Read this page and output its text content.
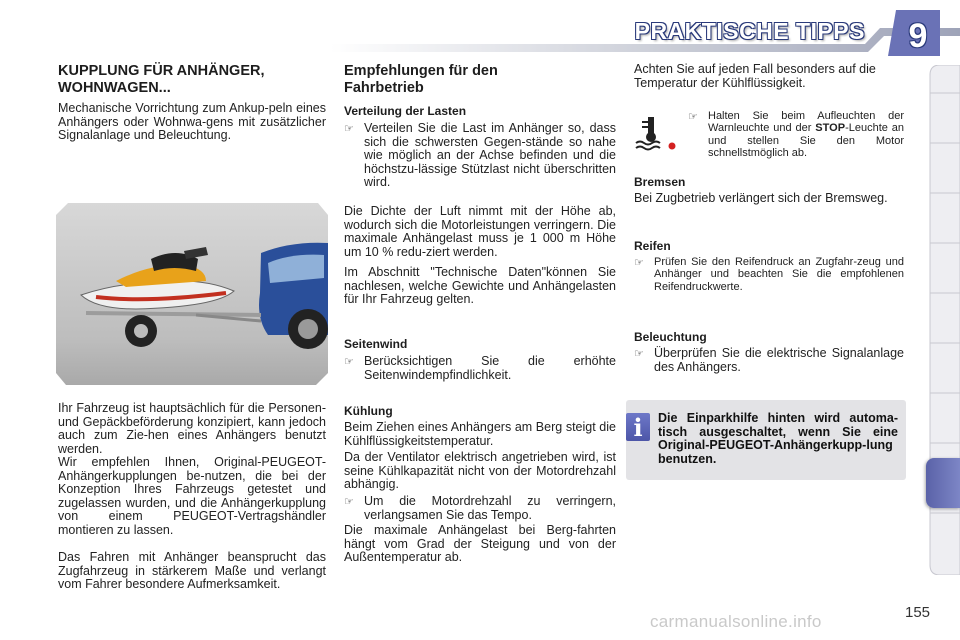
PRAKTISCHE TIPPS	9
KUPPLUNG FÜR ANHÄNGER, WOHNWAGEN...

Mechanische Vorrichtung zum Ankup-peln eines Anhängers oder Wohnwa-gens mit zusätzlicher Signalanlage und Beleuchtung.

Ihr Fahrzeug ist hauptsächlich für die Personen- und Gepäckbeförderung konzipiert, kann jedoch auch zum Zie-hen eines Anhängers benutzt werden.

Wir empfehlen Ihnen, Original-PEUGEOT-Anhängerkupplungen be-nutzen, die bei der Konzeption Ihres Fahrzeugs getestet und zugelassen wurden, und die Anhängerkupplung von einem PEUGEOT-Vertragshändler montieren zu lassen.

Das Fahren mit Anhänger beansprucht das Zugfahrzeug in stärkerem Maße und verlangt vom Fahrer besondere Aufmerksamkeit.

Empfehlungen für den Fahrbetrieb
Verteilung der Lasten
☞ Verteilen Sie die Last im Anhänger so, dass sich die schwersten Gegen-stände so nahe wie möglich an der Achse befinden und die höchstzu-lässige Stützlast nicht überschritten wird.

Die Dichte der Luft nimmt mit der Höhe ab, wodurch sich die Motorleistungen verringern. Die maximale Anhängelast muss je 1 000 m Höhe um 10 % redu-ziert werden.

Im Abschnitt "Technische Daten"können Sie nachlesen, welche Gewichte und Anhängelasten für Ihr Fahrzeug gelten.

Seitenwind
☞ Berücksichtigen Sie die erhöhte Seitenwindempfindlichkeit.
Kühlung

Beim Ziehen eines Anhängers am Berg steigt die Kühlflüssigkeitstemperatur.

Da der Ventilator elektrisch angetrieben wird, ist seine Kühlkapazität nicht von der Motordrehzahl abhängig.

☞ Um die Motordrehzahl zu verringern, verlangsamen Sie das Tempo.

Die maximale Anhängelast bei Berg-fahrten hängt vom Grad der Steigung und von der Außentemperatur ab.

Achten Sie auf jeden Fall besonders auf die Temperatur der Kühlflüssigkeit.

☞ Halten Sie beim Aufleuchten der Warnleuchte und der STOP-Leuchte an und stellen Sie den Motor schnellstmöglich ab.
Bremsen

Bei Zugbetrieb verlängert sich der Bremsweg.

Reifen
☞ Prüfen Sie den Reifendruck an Zugfahr-zeug und Anhänger und beachten Sie die empfohlenen Reifendruckwerte.
Beleuchtung
☞ Überprüfen Sie die elektrische Signalanlage des Anhängers.
i	Die Einparkhilfe hinten wird automa-tisch ausgeschaltet, wenn Sie eine Original-PEUGEOT-Anhängerkupp-lung benutzen.
carmanualsonline.info	155
